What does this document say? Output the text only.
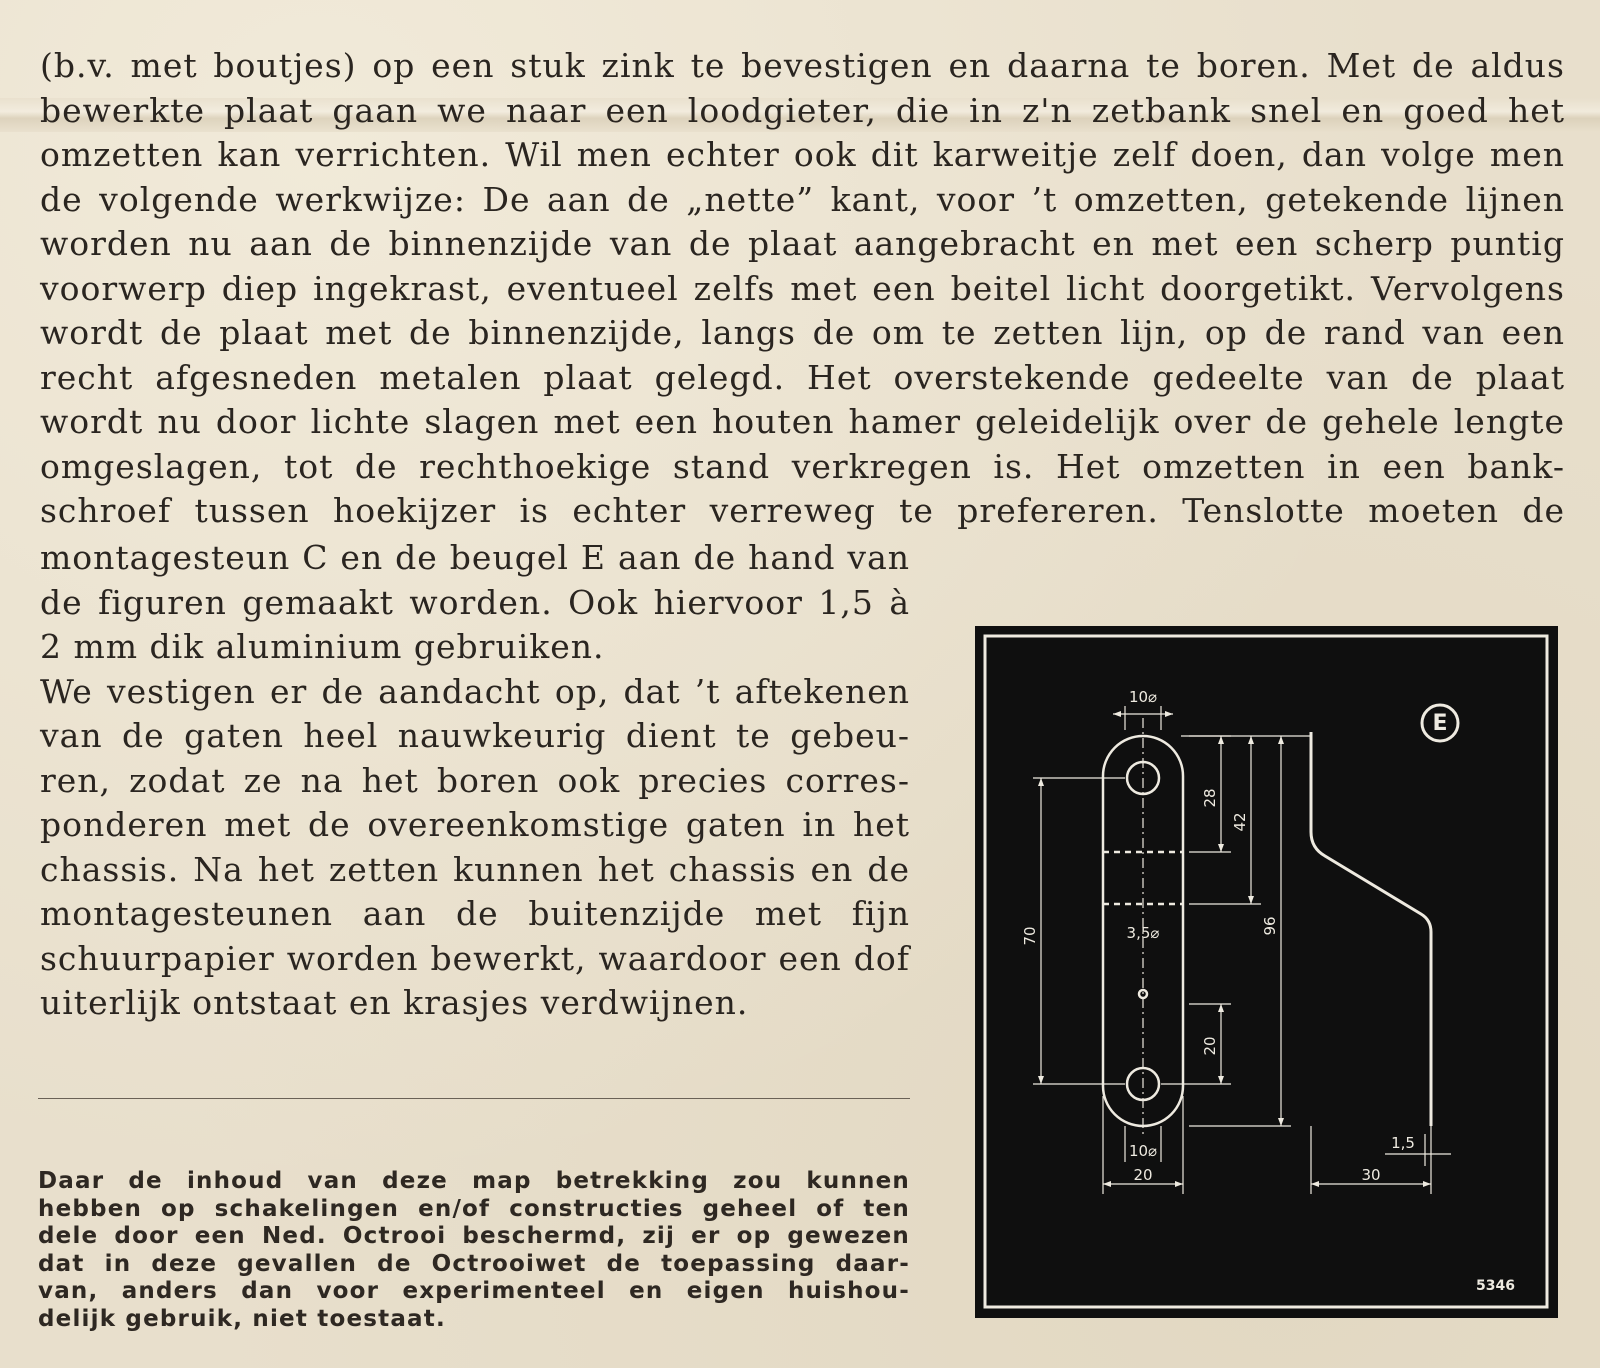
(b.v. met boutjes) op een stuk zink te bevestigen en daarna te boren. Met de aldus
bewerkte plaat gaan we naar een loodgieter, die in z'n zetbank snel en goed het
omzetten kan verrichten. Wil men echter ook dit karweitje zelf doen, dan volge men
de volgende werkwijze: De aan de „nette” kant, voor ’t omzetten, getekende lijnen
worden nu aan de binnenzijde van de plaat aangebracht en met een scherp puntig
voorwerp diep ingekrast, eventueel zelfs met een beitel licht doorgetikt. Vervolgens
wordt de plaat met de binnenzijde, langs de om te zetten lijn, op de rand van een
recht afgesneden metalen plaat gelegd. Het overstekende gedeelte van de plaat
wordt nu door lichte slagen met een houten hamer geleidelijk over de gehele lengte
omgeslagen, tot de rechthoekige stand verkregen is. Het omzetten in een bank-
schroef tussen hoekijzer is echter verreweg te prefereren. Tenslotte moeten de
montagesteun C en de beugel E aan de hand van
de figuren gemaakt worden. Ook hiervoor 1,5 à
2 mm dik aluminium gebruiken.
We vestigen er de aandacht op, dat ’t aftekenen
van de gaten heel nauwkeurig dient te gebeu-
ren, zodat ze na het boren ook precies corres-
ponderen met de overeenkomstige gaten in het
chassis. Na het zetten kunnen het chassis en de
montagesteunen aan de buitenzijde met fijn
schuurpapier worden bewerkt, waardoor een dof
uiterlijk ontstaat en krasjes verdwijnen.
Daar de inhoud van deze map betrekking zou kunnen
hebben op schakelingen en/of constructies geheel of ten
dele door een Ned. Octrooi beschermd, zij er op gewezen
dat in deze gevallen de Octrooiwet de toepassing daar-
van, anders dan voor experimenteel en eigen huishou-
delijk gebruik, niet toestaat.
10⌀
28
42
96
70	3,5⌀
20
10⌀
20	30
1,5
E
5346
